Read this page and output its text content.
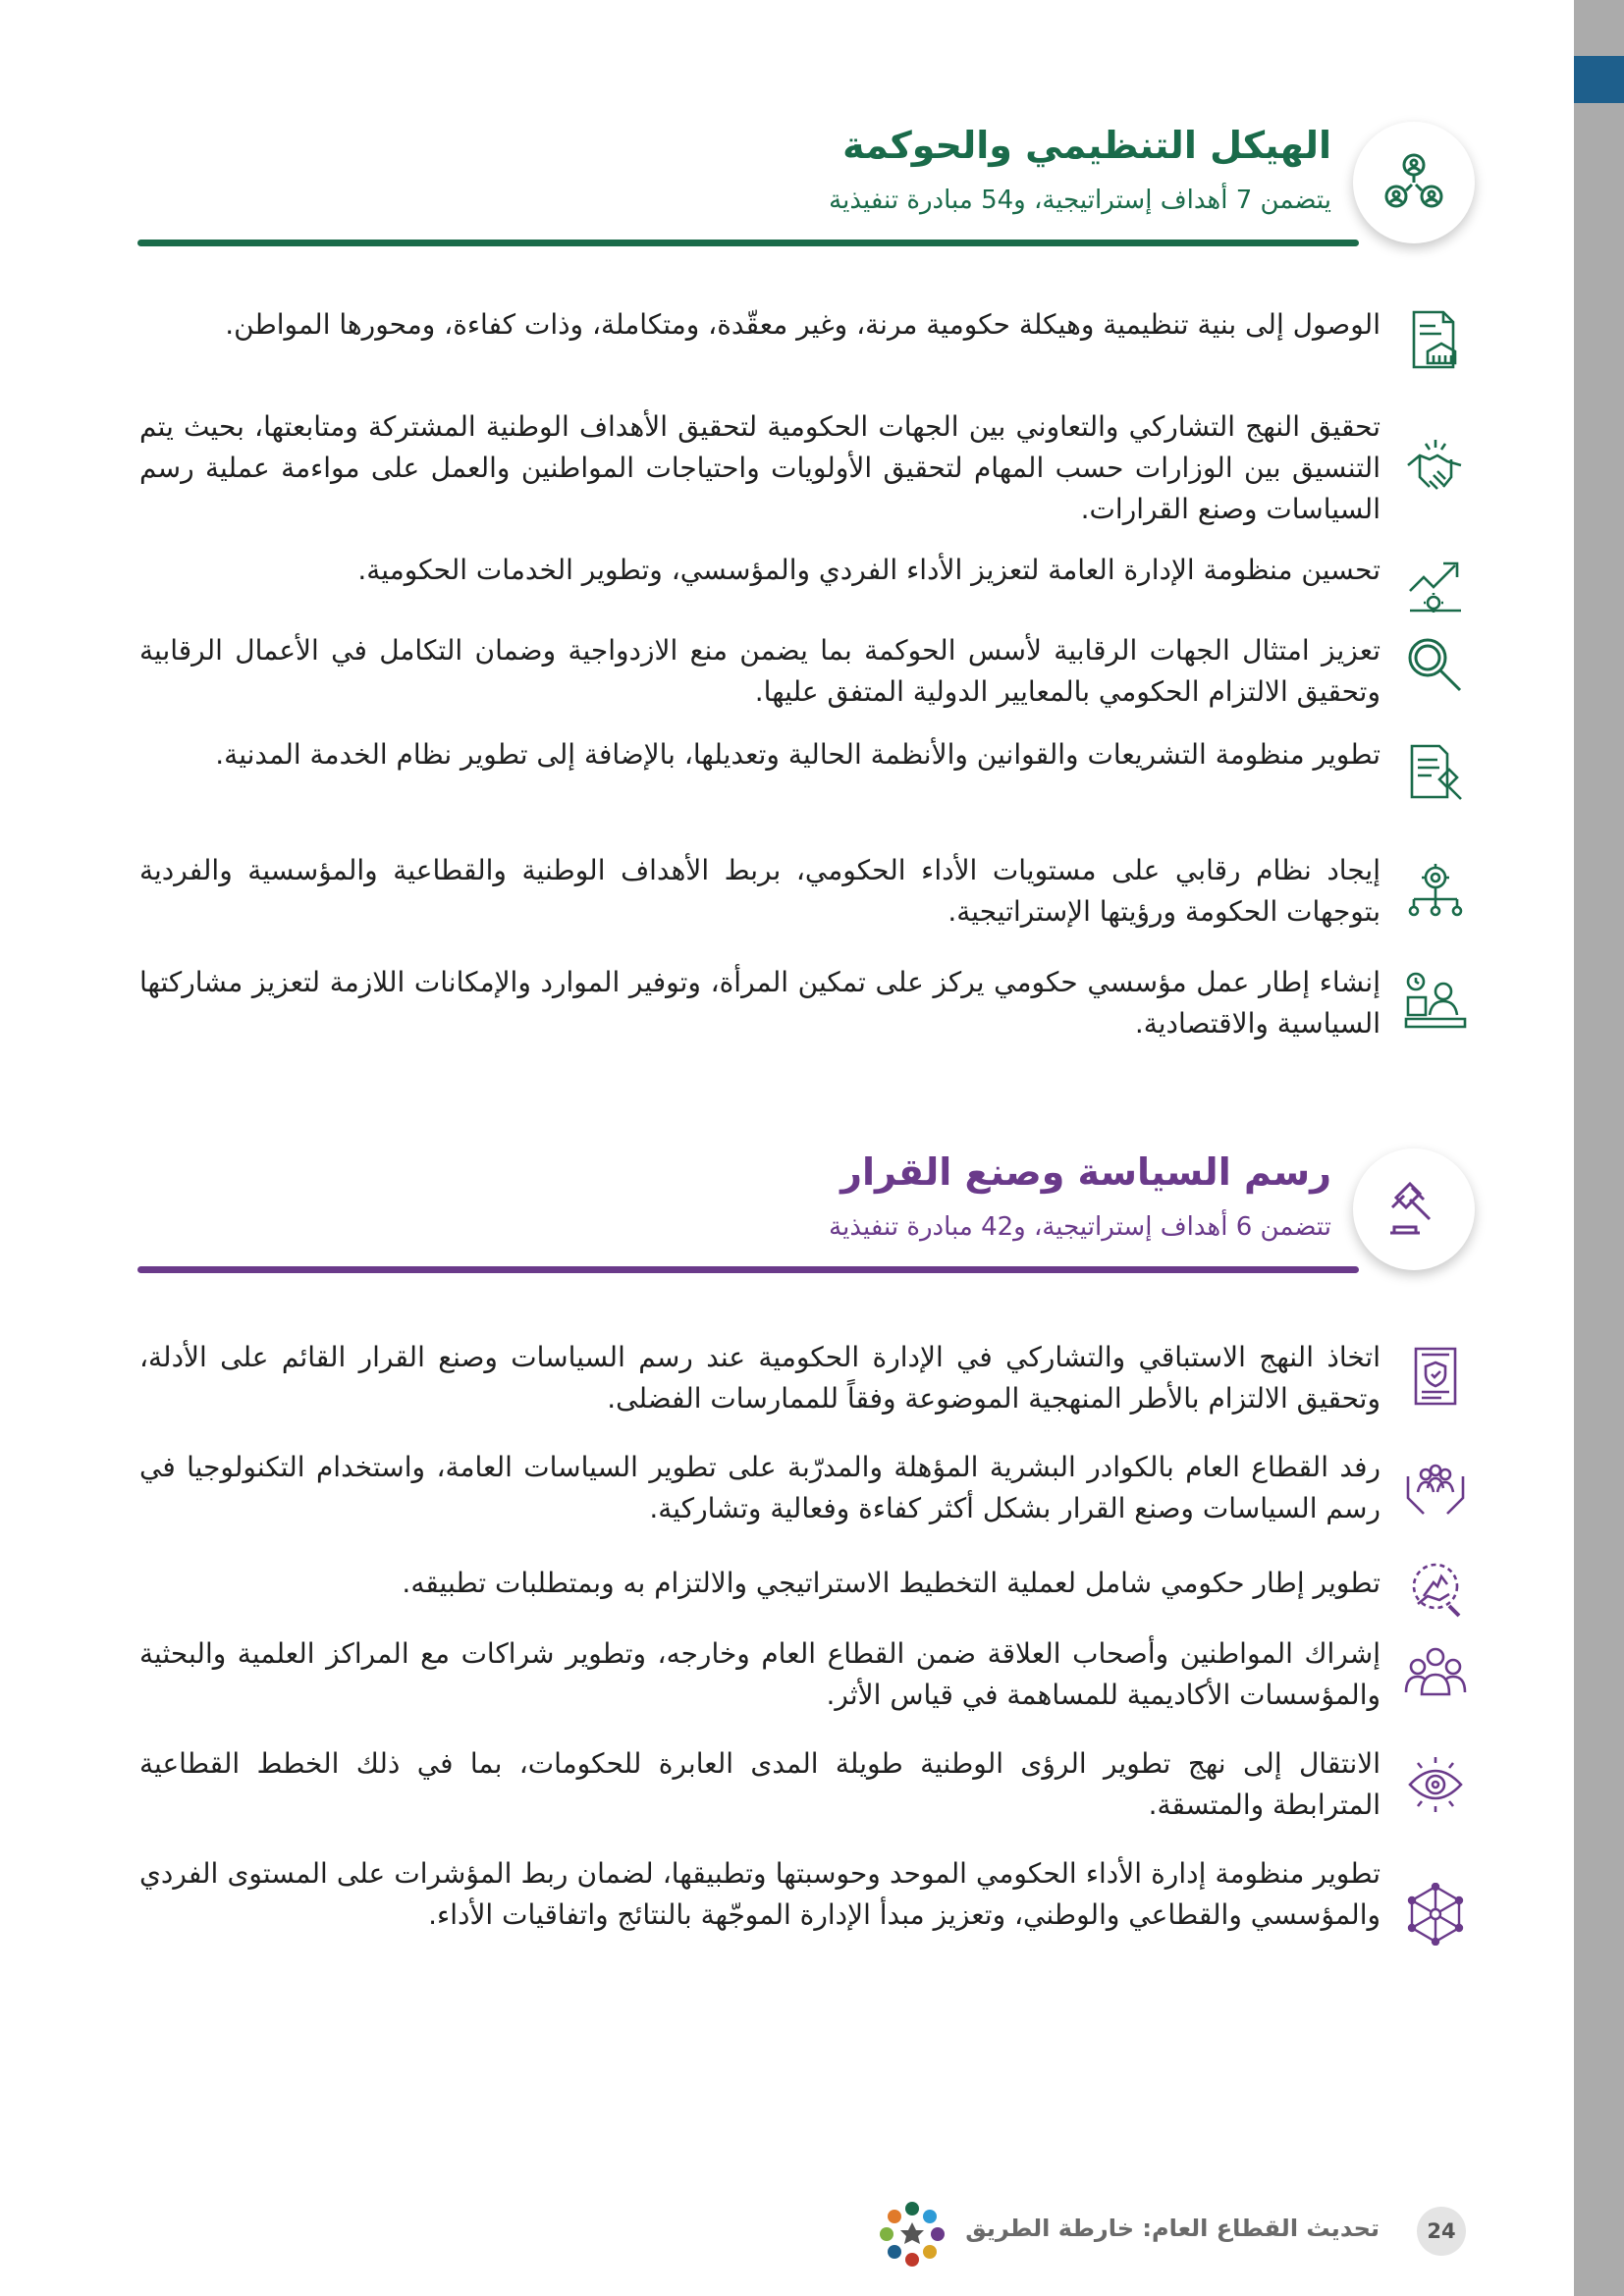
الهيكل التنظيمي والحوكمة
يتضمن 7 أهداف إستراتيجية، و54 مبادرة تنفيذية
الوصول إلى بنية تنظيمية وهيكلة حكومية مرنة، وغير معقّدة، ومتكاملة، وذات كفاءة، ومحورها المواطن.
تحقيق النهج التشاركي والتعاوني بين الجهات الحكومية لتحقيق الأهداف الوطنية المشتركة ومتابعتها، بحيث يتم التنسيق بين الوزارات حسب المهام لتحقيق الأولويات واحتياجات المواطنين والعمل على مواءمة عملية رسم السياسات وصنع القرارات.
تحسين منظومة الإدارة العامة لتعزيز الأداء الفردي والمؤسسي، وتطوير الخدمات الحكومية.
تعزيز امتثال الجهات الرقابية لأسس الحوكمة بما يضمن منع الازدواجية وضمان التكامل في الأعمال الرقابية وتحقيق الالتزام الحكومي بالمعايير الدولية المتفق عليها.
تطوير منظومة التشريعات والقوانين والأنظمة الحالية وتعديلها، بالإضافة إلى تطوير نظام الخدمة المدنية.
إيجاد نظام رقابي على مستويات الأداء الحكومي، بربط الأهداف الوطنية والقطاعية والمؤسسية والفردية بتوجهات الحكومة ورؤيتها الإستراتيجية.
إنشاء إطار عمل مؤسسي حكومي يركز على تمكين المرأة، وتوفير الموارد والإمكانات اللازمة لتعزيز مشاركتها السياسية والاقتصادية.
رسم السياسة وصنع القرار
تتضمن 6 أهداف إستراتيجية، و42 مبادرة تنفيذية
اتخاذ النهج الاستباقي والتشاركي في الإدارة الحكومية عند رسم السياسات وصنع القرار القائم على الأدلة، وتحقيق الالتزام بالأطر المنهجية الموضوعة وفقاً للممارسات الفضلى.
رفد القطاع العام بالكوادر البشرية المؤهلة والمدرّبة على تطوير السياسات العامة، واستخدام التكنولوجيا في رسم السياسات وصنع القرار بشكل أكثر كفاءة وفعالية وتشاركية.
تطوير إطار حكومي شامل لعملية التخطيط الاستراتيجي والالتزام به وبمتطلبات تطبيقه.
إشراك المواطنين وأصحاب العلاقة ضمن القطاع العام وخارجه، وتطوير شراكات مع المراكز العلمية والبحثية والمؤسسات الأكاديمية للمساهمة في قياس الأثر.
الانتقال إلى نهج تطوير الرؤى الوطنية طويلة المدى العابرة للحكومات، بما في ذلك الخطط القطاعية المترابطة والمتسقة.
تطوير منظومة إدارة الأداء الحكومي الموحد وحوسبتها وتطبيقها، لضمان ربط المؤشرات على المستوى الفردي والمؤسسي والقطاعي والوطني، وتعزيز مبدأ الإدارة الموجّهة بالنتائج واتفاقيات الأداء.
24
تحديث القطاع العام: خارطة الطريق
